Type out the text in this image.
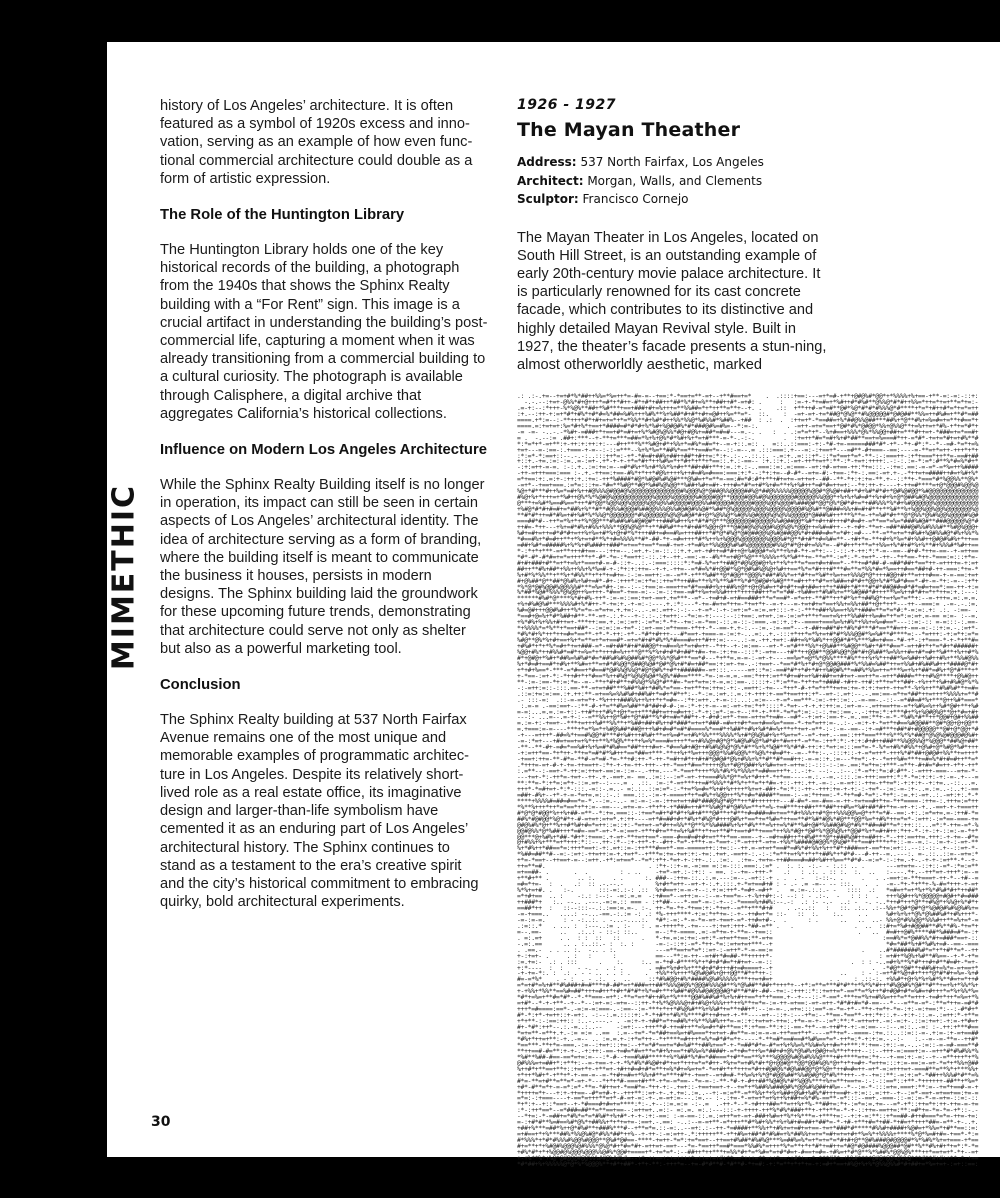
history of Los Angeles’ architecture. It is often featured as a symbol of 1920s excess and inno-vation, serving as an example of how even func-tional commercial architecture could double as a form of artistic expression.

The Role of the Huntington Library

The Huntington Library holds one of the key historical records of the building, a photograph from the 1940s that shows the Sphinx Realty building with a “For Rent” sign. This image is a crucial artifact in understanding the building’s post-commercial life, capturing a moment when it was already transitioning from a commercial building to a cultural curiosity. The photograph is available through Calisphere, a digital archive that aggregates California’s historical collections.

Influence on Modern Los Angeles Architecture

While the Sphinx Realty Building itself is no longer in operation, its impact can still be seen in certain aspects of Los Angeles’ architectural identity. The idea of architecture serving as a form of branding, where the building itself is meant to communicate the business it houses, persists in modern designs. The Sphinx building laid the groundwork for these upcoming future trends, demonstrating that architecture could serve not only as shelter but also as a powerful marketing tool.

Conclusion

The Sphinx Realty building at 537 North Fairfax Avenue remains one of the most unique and memorable examples of programmatic architec-ture in Los Angeles. Despite its relatively short-lived role as a real estate office, its imaginative design and larger-than-life symbolism have cemented it as an enduring part of Los Angeles’ architectural history. The Sphinx continues to stand as a testament to the era’s creative spirit and the city’s historical commitment to embracing quirky, bold architectural experiments.

MIMETHIC
30
1926 - 1927
The Mayan Theather
Address: 537 North Fairfax, Los Angeles
Architect: Morgan, Walls, and Clements
Sculptor: Francisco Cornejo
The Mayan Theater in Los Angeles, located on South Hill Street, is an outstanding example of early 20th-century movie palace architecture. It is particularly renowned for its cast concrete facade, which contributes to its distinctive and highly detailed Mayan Revival style. Built in 1927, the theater’s facade presents a stun-ning, almost otherworldly aesthetic, marked
.: .:-.+=--+=+#*%*##++%%=*%=++*=-#=-=--+==:*-*==+=**-=+--+**#==+=*    .  .::::+==:---=+*=#-+**+@#@%#*@@*+*%%%%+%+==-+**-=:-=:-::+:
-.-.--:+=+-@%%*#+@+++*=#*+*#++-#*+#*+##++*##*%*#+=%**+##++#*-=+#: .     :   :=-+-*+=#=+*%#++#*#%#**@%%@*#*#++%%=*++=*+=+**=*+=:-
.=-+:--:*+++-%*%@%**##+*%#***+==+###+#+=%+++=**%%##=*+*++**=**+--+. .    .::  +**++#-=*=#**@#*%@*#*#*#%%%@*#****+*=*+#++#*=*+=*=++
:+.--:++-+:=+*#*+#%*+#*#=%*##=%#%+++%#%**%+%##*#+#*+#+=@#++%=**=*-  ::.    :  -=+-=+-+=*##@*@%@**#%@@@@@#*@#@##**%%=++#%#=+**#*=##
====.+*:=--:-**+++*#*+#+=+=*+*=*%%**#+%#*#++%%*%%@*%#%%#*%##%--+##  : .:  .  :++=+*-*==##=+%*##@%%@##***##%+*@**#%+=%=#=+=**+#==*+
====.=:+=+=+:%=*#+%*+==+*####=#*#*#+%*%#+%@#@#%*#*###@#%=#%=--*:=-:.        . -=++-=+=*==+*@#*#%*@#@@*%%+@%%@**+=%++=+*#%-+*+=*#*+
-= -=- -..-.-*%#+-=###+*+==+#*=#+=+%*%#@%@%%*#@+#@%+=##*=#=#---=.-. .   :  . .:=*=*+*--%+#==+%%%*@%*%%@@+##+=***#++=+-*###=+=*==#+
= .  -.--:= .##+:***--+-**+=***=##=*%+%+@%*#*%#+%+*=+#***-=-*-.-:-.        .  :+=++*#=*=#+%+#*##**==+=%===#*++-=*#*-+=+=*#+=+#%**#
*:*=*+*-=+**:+-++:+:++:+:---#++***%**%#@+#*+%%+*=#%*=#=*+--=-+::.=:: .  =::..::===:-+:-*#-+=-=====###*#*-+*--*+-#*:*--*--=#-*=*+=%
+=+---=-:==-:.+===-+-=--:-::=***--%+%*%=**##%*==**+==#=*=--::-=--.= .:::===:.+---=:-:+==+*---=#**-#+===--==:----=-**=+*=++-+++*+*+
:*:=*-*:==+::--.-.-:..:::++*=:-+*-*#=#+##%+##++##*+#++=:*:+-.:-.-.::.:. -.=:+..=:::+*-::*=*==+*=*-**-:-:===++-:+*+===*++**=-==#+##
+::+.-+=.:=:-:=..=-:=+-.+*-+-+-+*=*#+*++%#%=*+*#+*+**+*==::.+.:-==-- :+.::+.:-=+-++*+=+*:**-:*-+=+:++++:.-:-:.:=-*:=*:#**%*#=%*#+*
-:+:=++-=-=. :-:.+..:=:+=:=--=#*#%+*%+#*%%*%+#+**##+##+**+:=.:+.:-..===::=:.=:===--=+:+#-=+==-++:*+=:::.-:+=:.==:-=-=*-=*%=++%####
-++-=+++===:=== :-.+.-++==:+==-#%*+*++*#@%++++%++#=#%=#===:===:+:*--:*+:+=--#-#*--=+=-#:-+==-:*+-:.==:-=+.+-.-*++=+=####++#=+%#+%*
=*+==:+:.=:+-:++:+.:+=:-++*%####*#@*%#@#%#%@#***@%#=+*=**=-==:#=*#:#*+**+#+=+=-=++=+--##--**-*+:+:+=-**.+--::**+-*===*#*%@@%%**@%*
-=+*--+==+===.:=*=:::+=-*#=**%#@**#@*%##%@%@@**%##+%#+=#+-+++#=*#*=+#*%+#=**+%+%#++*=#*#=++=+:--*+:++-+----+-++=#****=+@*@@@#%@@%@
%@+*#***#++%=*=#+%++#@%%%@#@@#@%@@@@@@@@@@@@@@#%@@@%@*@##@%%@@@@##%@*##@%%%%%@@@@@%@@#*@%@#+##+*#+%#*#*#+*@#%@#@@*%#@@@@@@@@@@@@@@
#%@+%+*+++=+*%#++@%*%*%@#@%@@@@@@@@@@@%@@@@%@@@@@@%#@@@#@@**@@@@#@@%#@%@@@@@@@#@@@@@%%@@@*+%+%+%#=#*+%+#+%+@*@##%#@%@@@@@@@@@@@@@@
@***+=%#*%==#%==*++*#*@@*%@@%@@%@@@@%@@%@%%#@@@@#@@@%%##@@@@#@@@@@#@@@%@@%@@@#%###@#*@@*@%*@#*#+=*+##%%%*%*#+%#@@@@@@%@@@@@@@@@@@@
+%#@*#*#+#=#+=*##%+%**#**#@%%#@@@#%##@@%%%@%%#@#@#%%@#*%##*@%@@@@@%@@@%@@@@%@@@@#%@%#**@###=%%+#=#+#**+**%#**%+%@@%@@%@@%@@@@@@@%@
**#*#*++=#*#%=+#+%#*%*%%@*@@@@@@@*#%@@@@@@%@%@%#@#*#+@*%@%%@*%#@%%@#@@@%@%@%%@@@@@*@###%#++***%**=-+*=%#*#+**@*@%%*@%#%@@%@@@@#%@#
===##*#--++*=*%+*+*%*@@***#%##%#%#@#@#*++###%#++%+*#*#*@***@@@@@@@#@@@@@%%#@##@@*%#*+#++#+++#*#=#+-=**==*=%=*###%#@#**###@@@@@%@*#
++#=-*++---+%+=#*#%+#%%+%%%**@@%@%@**+**##%#**+*#+##*%@@+@***@#@#@%@%@@#%@@%@%*@@@++=%#=#++--+-+#+-**=+-=##*###@#%%#%%%#**%#@%@@@+
%#+=#+=++=#*#*#+=++%+%=+#*%+@+#*%*+++##+=#==#%=+++##++*#*@*#%@*@#@##@@%@%#@##@@%*#+###=#=*=*#+:=#---**-=**=+=*+#%#+%@#%%#@*#%+%%*%
*#==#%+*#=#++**+*%+=+#**%*+#=%%%%**#*-##-*+-=#=+++*#*%++%+%@@@%@@@@@@@%@@@%#*@**#+#*+#=%#=**--+#+*=-**+#+%*%=*#+%%#++@#@#%#%+*++==
=##+%#*=#####%+%*%+#%###++###*=+==*+==**==#-+=+-+*=#%+*%%@@@%#%#%@@@@@@@#%%@*#*@+#+=%%*=--#*#++*+**=*+%%=+%*#+#*%+%**#+%%%#*%#++==
*-:*+*+***-=+**+++#+==---:++=--.:=+.+-:=-::.::+.+.=+-+#++=#*#++@+%#@@#*=%**+%+#-*+-=*+:--:-::-+-++:*:*-=--==--#+#-*++=-==--+-=++==
*#*-#*-#*#=+=*=+++**+*-#*-*=-:*==++:-::.:+--++.-==:-=--#%**=+#@*%@***%%%%+*%*%#**+=-**=**-:=*:-*-+=+*--++--*+*==-*++-*===:=:::+*=-
#+#+###+#**=+*+=%+*===+#-=-#-::+-..:.-:===:::::*:*=#-%*=+*+##@*#@%@@#@+%+*+%*+**=*==+#=+#==*--**+=#*##-#-=##*##+*==*++-=++++=-+:=+
##++**#%+##*+%%++%%+%*%=#-+-:*+:+:++=--+-+.-++=--=*#=%*#+@@#*%@*@#%#%@%@+%#++==*%*=*#+++#***#=**=*%%*#=*%==++#==*##+#-++-===:*+=-*
%+#*%*%%**+**%+*#%%**+*+*+=#+=-:-:=-==++:-=--=**-+***%##**@*#@@**@@@%*##*#%%*=+*#*+=*%#*+%=+=+%%%@*@*+++#@@+#+**=+++#==-+-=-==:+=+
#+@%##*@**##*@%#%+%#+=#*-#+-:+++*:=:+*=::++=**++##=**+%*%**%#**%*#*@#@#+%#@***=#++*+*#*=+%##=+#*#+*@@+%*#*%#*#==*-#+-=-*+:-=--:+*+
*%*@*@#%@@#%@@%%%#***=%=*#+-:=--:--:+==:=-===++=*#*==##+%++##%+@*+@+@%#=+*#+#*+=#+##=++*+*###+*#***#*#*##@##=#*#*=#=+==*:==-++-+:=
%*##*%@#*%%%*@%@@++%=+++-*#==*-+==-=:--:=-::+==-=#*+%=+=%%#+++*++++##++*=*=*##-+%##=+*#%#%+=**%#@##*#+++**%=%++#*#+=*+*++=:+.:---:
******#%#*@****%*#+#%-++*-:=-=::==:+=+-==+.+=***--=*--+=#+#-=+#==###+**=*==#*-=*=++-**#**++*#*%+*+##%@*+=+%=*=**+:--=-+++=.=:.=.=.
+%+#%#@%#***%%%%#+%*#++-*-+=:+.-+-=:-:---.+.:*:---*-+=-#=+=*++=-*+=+*+--=-+---=-+=+#+=*==+%%+=%%+##*+@+*++*---++--===:= .-=-.-.:=.
%#=@#+++@@#%#++*%*=*=-=*=+=.+.+=:-..-.=:.=++-:-:---+-=*-:-+-:=+:=*-=:=.=+:::-+-:-***+##+%%==+%%*+###=**=*=*#:*-=:=:.+: .:. -:==- .
*==#+@=%+*#*%##+#**-**-=+-.:.+---+-:.:-.:+=++:--*=:=-+:---:--::+==:.=+=+.:=-:=:=*+**+*==+=%++*%%##++%=#=*+*=*:=:=+.=-== =:=- :--=.
+%*#%+%+%%+#++=+-***++:==.+.:=::=+:-:=*=:*-*+--+=:-=-*==:-::.=-::-:===.-=::+.:+--====+===%=%+#%*+%%+=%=#==*---::=:-:: =-=:::-:.==-
*+%%%%*=*%**+*==+##*--:=:=::=-+=*-::=+-==:=*+===-+*++-*--==-+.+-:.--:=.-:=-==*---+-##+=##*#+*#%*#***#*==**#=++-==-=:-::+:=.-.:=+*-
*#%*#+%*++*++=#=*==**-+*-*-++:-+*--*#*+#+++---#*==+-+===-=-:=:+-...=:..+.-:::+*++*=*%+=+#*#*%%%@@#*%=%#**#****=:--*=+++:-+:=*+:=*=
%#@**@%*%+#+==+%+*=**=+*=+==#*-=+=*#+#*#%*%*#===#=++*#++:=:---..:-=.-++.+=+:-##+=%*%#%*++@@#*#*%***%#=+#==-*#-+*-:+*===-*-+-*+**#=
+#%#*+*+*%*=#+*+=+###-=*-=#+##*#+#*##@@*+=#==%+*=+#=++--*++--+-:=:==---=+-*-=*#***%%*+@%##**%#@@**%#+*#**#==*-=++#+*+*=*#+*######+
%@@+#%*++#%%#*=#*+=%=*+*+++#=%++**@**%*%+#+#*#+##*+#=-+=-:+:+=--:::*:-=+=---+#**++@@#**@@#%@@*@#*#+@%##*%=%%++#=+#*=#+*%#**+%++#*%
#*+@#@+*%#+*##%=%#%#*#=*##%#%#%@##%#*@@*%%*@%#***==*#---*+**=.=-=-:-=+-+----==%=*=@*%*@%%****#%**++%+%*++##*%=%##++%#++#%+**%%#@%%
%+*#=#+==#*+#%+**%#=+**=+#*#%@@*@##@%@#*@#*@%+#*#=+##*==:+:=+-+=-.-:+==+--*==*#*%+*#+@*@@#@###*%*%%#=%##*++=+%%#+#%##%#++*####@*#+
+*+#+%==*-***-=*#==+*#==#*@#%%@%%@*#@*@#%*+#*+######=-=+:::.-----=+::*=:-==#*#*+*#+*#++%#@#%**=##%*%%=++=***%=+%+*##*=#%+*@*#***+*
+-*==-:=+-*:-*++#+*+*#==*%++#%@*%@%@%@#*%@%*##==****-*=-:=-=.=.-==:*+++:=+**#+=#+=+%#+##+=+#+=+-==++*=-=++*####=**++#%@****+@%#@++
**-:=-:==-*+:=:*=--=--**+*#+#**+#%%@*%%@*#**#=-*=+*=+=:+-=.=::==-.::::+-:*:=**=-*+*+=*+####-+#++-++#:+**+=*+*##+-+%++*+%#+#%#@*%*%
-:-=++:=::-:::.==-**-=+=+##***%##*%#+*##%*=*==-+=+**+=:++=:-+:-.==++:-+=---*++*-#-+*=*+**+=+=:+=-+:+:+=++-++=**-%+%++**#%#%#**+=#=
.::=:+=:=:==.:+.++:**-=+==%=%%#%#+##%#+*=#+*#*+*:--*-:=.:=+.:.=.:+-+++:+-==*+==+++:+*--=+-:.=+:--.-.==:==-=*+=*##*++=+++*%%%%+=**#
.- :::-=:  .::-=-=+=*+-*%++++###%%++%++*+*=#=--:*+:=++..+-=-::...:.=:=---+-=*-==***-:=:-++::=:..-=-==-.-::--=*##=#*%+***@++%#*===*
:.=-= .-==:==+--:**-#-+*=**#%=%##**#*##+#-#-:=-:*-+:+-=--=:-=+-+=:*+*::::*-*=+--+-+.+:++:=.:=+-=--.=++==++=-=*+%#%=%++%#*@#+**+%#
=-=:...=.=.:=-+::-++#*++*#%*+@+*=++***##+=++=#=++:-*-+::=*-:=-+--:**-+-***-*=*=*:=:-:-:.+=::==.-.-:++=:*:+***#+*%+%@#@%@**@+*#=+#+
---:- ...=--.=-+-:--=**%%++@*%#+*@*##**%*#+=#=*##*+-+-#+#:=+*-+==-=++=*+=#=--=#*--+:=+-:==-+-.=..==:**+-=-*-*%#%*#**++*@@#+@#+%%##
=.:=-+:-+==+--***+=+++%#**%%**+*%##+##+#%++#*###*=+=+*###-=#=++#+*==+#==%=*===-*-+=*=++:=-..:-.-=:+-+-*=+*+#==%#@@##**@#*@@+@+@@**
=.+===:=-=----***+*=*%=*+%#@%##*##@+++%#+#=#*=#*#====%*==#*+%##*+#%+%#*#=%+**+*+=+-=**-:-:-=--==--:+-=#***+##*#+#@@@@@**@#+@*@@+*#
-+---=+++*-##=%*+==#%@@*#***#+%#+++#%#+**=+%=#*=+#%*%%***%%%%*%+#*@%@%#+%+*%=+=*--=*-+=+.--==::++*===***+%**%*%*##@*@%@%@#@@@#@%#+
-=-:*=+---+#=+==+=+%*++**%*%@%**+*+%=%*===#=+++**=+#%%@+#@*@*%#@%#%@*%#*#+*#=++*-=**=-:++*:*:-+:+:#+#++###**%%@@%%@*%@@@**##%@+##*
-**--**-#+-=#=*==%#+%+%=#*#%#==*##*+++#=+-*#==%#+#@++#%#%@%@*@%*#**%+%*%@#**%*#*#-++:+:*=+:=:::==*=-*-%*=+#%*#%%*+@%#+@*%#@*%#*+++
-+:=++*==-*+*++-**+=*=#*#*%#++*==*##=+***-**++%+*%=+++@@@*%%#%@@%**%@%*+#=#*+--=--**+:-.-:::+::-+-=*=++*-+++%*#*##+@#@#+%%**+=+++*
-+==+:++=-**-#*=-**#-=*=#-*=-**+#:++-*-++-*=#++#*++#+#*@#@#*@%+#%%+%**#**#*==#++:-=-=::+.:=---*+=*:-+--*=++%#=***+=#=%*#+#=#++**=*
.*+++=-=+-#-+-+=-++==++-:*+-+-+=-++-+++--++-*==+*#==*++++@%+*#@*@##+%+%#=+=+-=++=::-:::-:-:=-.==:*=*+=:+***-=**+-#+#=*#=++-+*+-++*
:.=**--:-==+-*-++:=:++=+-==:=-::=--.-++=.---*-*==+*+++*%%*#%*%*%%%+*=##==++*+.:.-:+- --:-..:--.:*-=*+:*=:#:#**-:-=+++-===---=+=-*-
---+=+-*:-++*=-+=+--++-.+.-==+.=- ==..:=::--:=*-=+-++===#%%*@**=%+*#++*-*+*==-----=.:.--=.-:::.:=-+++:==++:*:*-*=:+:+:-+:-=-.+---=
**:**=-*:+*=:=*+-::=.=+--:---.= . .::. :=-:*-=+***++=#*%%%**#*%*+**=*+*#=-+::-++:.++.-=-:.-=-=+::-++=-+*+=*:-+:+:+--+:+=..-::...=.
+++*-*=#+=+-*:*-:::.-=::-.=..- =:.:..::=:=*-:-*+=*%=#=*%+#+%++++*%+=+-##+-*=:*::-++--+++:+=-+-+:-:-+=*--:=:-=-:+-..=.:=..-:..+:-==
=##+-#%+--+*-+-=-*=+=.=:.:-.: ===.::.-:=-+-====+*+*=#%*+%@@++*%*+#=*####**===-:--=:*++==:-*-*+*=#-*=*:-*+*:-:=.+:-=+..:.-=+:+:.*-*
****+%%%%#=##=#==*=-*.--:=.-..- =:-=-:-=-:++=+=++##*###@%@*#@**++*#+++++++---#-#=*-==-#==-=-++-+=+==#+*+=-*+*====-:++=-:.+++=:=*++
*%**%+++*++*=*==*+*+:=--==---.=+=-=--+*+*+-+*###=++#**%%#@*#*@#%%=**+*=%-+=#***++##+***##*++#%=*%#+##*#+*+=-=+-+:-+..-==+-+-+===++
#*@*@*#@@*%++%+##-=**--*:+=.===::-:+==*=#+*#*#*+%#+#***@#**+*#**+#=###=#=+==**#+%%%++#*@++%%%@@%=@*+**=*#--==:-+:.:=*=+=.=-:++#-*=
##%*#@#@@*%@*#*+-#-=+=+:=+=*.+:++----=+*#=##+#+*#%+*#%@*#+++@#%+*==*+=*%#=*++==**#*%#*#@%*#@***@@*%=*+#%*++=*=*-:=++:-:=*==-===-+=
@#@%#%*@+**%++#*%#+#=*=++::=::+:-*=+=+-=*#++=%%**@**%*%%####%+%+*#%***=%++=%*#**%#+@#*%%##@#%@*#%**##=##**=*:++:::...=*:*-++=-=*-%
@@#@%%*@*%##+++*=#=-==*-=+-*-=:==+-+**+#+=**+=%+%#**+*+=+**#*+==+#**+===*++%%*#@+*@#*%*@@%@%+*@@#*%+*=#+#++:*++-*-:+-:+-::=:-=-*+*
@@***@+%#%+*##-*#+*:+===:.+-=+-**+=++==*-===-#==#=#+#+=+**+*==-===--+--=#+=##++*+#%#***@*+###%@#++=##++-*--++:==++=.+++:-+-+=--#*=
@+#%%+%+***=+*+++:*::--.++-:*--:+-++*-+--#++-*=*-+**+-=-*==+-:*-=+++*-=+=-+%%*%####@#@@%*@%@#**+*==#+***+*+::-=--=.:-.:=-+-:-=+-**
%+*#%++*##==*=:+++*==+:-+:.=+::=-:++***#==+*-==-=====++::+=::--++.=-=+=+*==#*=#%*#+%%+%++*#*+###==+-==*+=:=+::.--::-::-.+--::=+-*-
*%##=##**#--=:-:=+:-++=++:=-+.+=+*--+***=:+=-+=+:+:-+=:.+=+.-==++-:.-:-:*=**+=+%*+*+*+##%*+*#*#---#-++--=..---:. =-.::..::=--=+=:*
+*=-*==+--++==+-=--:=++.-+*:=+==*--*=*:+*+-*=+-+-:++-.:..:=:. .:+=-.+=+=-++##===#=##+%#++%==**#*#--=:=*-:-:+=.-+-.-+-+-:=+**-*--+-
++=**=#.                             . :*+-::+-=.-=:== =::=-:::.===:.:=* .  :. :. -:.- - :.:: .. .      ---=+=+=--::+::-=*-:*=:=**
=+==##- .       .  .         : . ..    -+=*-=+.:-:+:: - ==. :--+=--+++-*   .:   : .:. . :: :.  :.  ..   :----.*+.--++*=+-+++*:=--=
+**#+** .        .. :.     . .      :. ###--:++=-::..:.=.---:=--.-=+::-+ . .  . -   :-::-. .     .   . .-==+:=-**+===+-++-*--+#--=
=#=*+=-  :  .   .:  :: .-.--.-    .    %+#+*=++--=+-+-:.+.:::.+-*=+==#+# : - .- .= -=-- -- :::.   .  .  -=--*+-*+**+-%-#=*+++-+-=+
%*%+=+#. .   :-.       :::-=:.:-: .::  %+#==+:=-=-+--:.+:=:++*-*=#+-=#+* .   =.:=-.:.:.- -   ::::  .:   *=#=+*=+*%+*%*#%#*#+*++##*
=*+#+==  .. :    -:.: :--:- -=:.=.=  -:+#==*--=++:=--:--=-+==*=--+-%++#+:-: --: : - .:-.  -   : : :  .  +++%@#++%*@@@@@+#@#+*#=###
++###*+   :.. --.. .---.-=:=.:: === - :+*##----*-==*-=-:-+--:-*====%+##%:--.-:  .: :- -.-  ..: -  -. -..*++#*++*@**+#%@*+%%@+%*#*+
==##*++  :   ::--:::--.:.:==:=.=-. :-. ++-*=-*+-*+==:+:-*+=+--=**+***#+#    . .-..::   :   ::. .:.. .:--%%+*@#*@#*@*%@#@#%#%@%#%+=
-=-+===..   ....: --...-==.-:.:= -: .: *%-+++****-+:=:*+*+=-:-+--++#=+*= ::-   ::  :.    :..    . .     %#+%+%+*@%*@%##%#*+#%+++*-
-=-:=-=.     : - -:..:. . -...-....:.  *#*:-=:-*-=-*=-=+-+==+-=*-++#=+#-.  .      : .      ..   ..  ..- %%+@*#%%@@*%%%#++**=%+=*-=
.:=::.*   . ... :  :---..:= . :-   : . =-++++*+.-+=----+:+=+:+++-*##-=** .   .                 .  ..  ::#+=*%#+#@@##**#%**#%-*+=*+
=--.==-     ..   .:..: - ::-: ::..     =--:*+-====..=:-=*+=-+-**=--+==::                        .   ..  #=#++@#%****##*%###=#*=-:+
. =:.=+     . .  : :  ::   ::      .   *-+=.=:=:+=:-=+:*-=+=+*+==:**-=+=                               :==#%*=*@##%%*#+=###*==+-::
-.=:.==      .. . :..::.- :  :. :      -=-:-::+:-=*-*++-*=::=+=+=+***--+                                *#=*##*%+#*%#%+=#--==--===
. .==.-  . . .. :.  -.. . :.           ---=**==+=*=*::=+-:-=++*-*-=-==:=                         .    ..#*#######%#*=*+*+#**=*--++
+-:+=+- .     . :   :      :           ==---**:=-++--=+#+*#=##-**+++++*-                              : =+#+*%@%+%#**#%==--+-*-+*=
:=.+=:-  .: . :::      .    :.     :.. =-*+#-#****%*+*#+#*#=*+#+=+--=-::                      .  : : -..=#+%**%*#*++#+#**#=#+-*=+-
+:*----  :  :    - -. .  . : .       . =#=*%+#+%+***#+#*#+++#+=#====+--+                            .  -*#@**@#**+##%#+=%*=-=+==+*
-+-+=-*:. :  .: . - - .. . . : .    .  +%%*+%+++*%@%#@#%+@++@@**#*+*++-:                   ..    : - :-=+*#*%@+#+*++*@*#*#+=%=-%+#
#=-=*%*    . - :  . - .:.  .  ..     ::*#%#@@+#%*####%@%#%%%%%***++=+#=+                . .    : .::-:. +%%#*+@+%*%+%#*%**#=+=*++#
=*=+#*=%+#**#%###+#=#***+#-##*=+*###=++##*%%%@#@%*@@@#%%%@#**%*@%##**##+*+++*+--+*:=**=***#*#**+*%*%*#++*#%@@#%*@#**#**+=+%+*%%*%+
+-+%%+*%%**==%#=##*+++=#++*+#+*#*#*+%*=#+**+%##*#@%%#@#@@@#@*#**#*#+-##--+=:-:+++::*::+=++=*-==**=*%++*#+#@#+#*=%#=+#+++*=*%+%%*%=
*#*+=%=+**#=*#*--*-**===-=+*:-**=*=+*#++#%+*%****@@#%##%#*%+%+#++==*+*+*===.+--+---::-*-==*-***+=*%+=#%%=++*=**=+++-+=#+*++*=%=+*%
=+#*--*-+-+**--+--*--:=+-=:-=+=--::++-*+%*%@%%%@+#+#%@+%%%++*++%**+=*=-:=-++-=+==:-=+-=++-*#*#+#=*#-==---*---=**=-=*-:**=*++=-=#*#
+++*=#====:==*-.-=:=-=:===-.-:==--:=-***+*++*#%@%#**%+%%#*+=**+##+*:--:=-=-..=+=::::==*-=-*=-+*--**+-+=*+-*=-:+:-=:+==:*:--:-#*#+*
#*-*:+*-+=++::+-=+:. -:--:.=.::::+:-*-*+#*+*#%*%****#*++#+=+-+-**----=+--::+-:---+*=:--**==-*==**-++:*+::.+--+:+-::.=-.:=++:*-+**=
+*+**-:-:==:++:: :..-.---.- . -=:+-+-+##*=*+=##%*+%**%%#%++*=-=::+:+=+=+-++=:.+*=-=-+--:=*:**:*-=++=++.-=:-=:+-.::=:+=+:-+:=-+*#=+
#+-*#*:++*--.:.-=..:..--    -:=+:---+++**#-++=#++**=%=#+*#+**==:*:+*==-**:+::-==-*+*--=-++#*+-+:-=:==---:--.=::..-=: :-.++:+***#==
*=+=**-=**+.+.-:= =:= ..==  :.=--+=*-*=*##+==%=+#%===*+=+=+-#=**=-=:=-=-=-++*==+*+*----=**+=*--====-:+=.::..::=::-=-.+:=-:+-=+==##
*#%+*++=+**:-+..-=-- .. :=.=.+-:+*=*++--*+****=#+++*=%*=#*#*=*+-----*-**=#*==#==#*%#%==*=*-++*=:*-+:+:=.-.-:-   :.--=--=-**=--++#*
*==***-**+*=-===.-:=--:+=+:::+=:--+*=*#*==+=*#=%#**+##%+==*-+-*=##*#*=-#*=+%+%%=%*%%#=%++#=*+***:*:+==-:+::-=.-..-:=::-=-=#-===**#
**++==#-#=**:+-+-.-+:++:-==-+=#=*#=+**=*#+%+==*+#%%=%*####+-=*+#=*++%=*##+#+@%*@%#%+@#@+=%**+*+++--::--+++-=:===+:=--=++*#*#%#%%*%
*%#**%##-#==-==*=+=:=---:*-#--+==#%##*****+%*%##*%*#=*##===*+#**==**%***%@@@@%#@%#%%%@***+#+****=+=:*+---+-==:+:-=:--+--=**+++*+*%
@#%%%=+=##+*:+**+:--=-+==-+-+-*%*#%*#%@#+#*+=+*+++=*=*#++-*%+=*=+#%*#+*@+@@#@**@@*@@#%@%*@+*+*+=#+-*=++=:::+:=-==:=-=+-*=*+*%%+@##
%++#*+**==+**+::+=+*+-+**=+-+#++#=#+#*=**+=%*#+=%=+=*-*=+#+*+*+++=*#++#@#@%*#@%##@@*@*%@+*++#=#=++-=+*-=:=+++=+-===#**=**%*+***%%+
+*++*%#+*-+**+*-+-==-=--=-*+#+=#=+*%%+#**=***+#*+-+==+--=+#=#-*+%=%+%*@*#@@%##*%%#@#@*@*#%**+++--+--+=::**:-=:+:=*-*##++%%%#*#**=%
#*=-**=+#**=**=*-=+-*---*+*+*#-===+#+**-+*=-=*==--*=-=-:-**-*#-+-#++##*%@#@%*#*%@@%***+%+=**+==+=-:-:-::==*::+**-*++++++-##**+*%=*
+#*-#**=*+-=-=*:=*-**=-*#++=+-*==#*=-*++-+:-.+=+::-+==+==+-+--+=*+*%##%%###@#%*@@%#%@##+#%=--*--:=-*-:::=+=.===+:**:=--+=*+==#-=-+
*++++=*+---+:+-++==--#*=+#-+--+++**::=+-+-.+.+=:.:=..--+:-=:=**-=**%%+*+%+%##+@%#+%#%*#+++==#+-+:=::.=:++--+--:=*-==+-=+==+==:+=-=
=*=:-:+===----+-==*=+++**=+*-#-=+-=:-+-.=-=+:=---.:=.-- :-.:+=-*-=+=+*=+%++%+##+=%*#%-==**-=*:::--==+.-===-::-=::=-*-=-=+=-::=:-::
*+*:+--+::*==+--+-*#===#+#=+=****:*:-.+--::=.=:= -:-.=  .-++-*--*-+#+++##=**=++%+*%-**##+=:*+-:=*=:=.+=---=*-+*::++=*+:++-++=-=-+=
:*-:++*==*--=*###=##**=**==+==--:=++=+..=::- =:.=. =:.:---:::-+-++++-++*%*#%*###+**+-+*+**=-*-+-::++=-==++=:**:=#*+=-*=-*=-+*::-.-
--*+=:-*-=##+=*#%*=*=*#%#*+%+#*-+-+-:+:-==: :-=-==-::.=.:=++*=+-=+-###+%#=+*%*+%***=-+***+=:--+:+-=:**::+*==##-#++#===*=*=-++=-+=:
=-:+#*#**%=#==%#*@%*+##%%+*+*+=+=-:==+.-.==: -..:--=-=+**-=*+++**#*%#+%%*+%+%#+#=##+*##*=-*-+#-+**+#=*+##-*+#=+*+++*##=-=**-+-..+.
+##+%***=##*%++@*#%#**+###%***#--+**=*=.::-=:..--=+:.:--++-*=####+**%%+*+#%+=+=#+=+==-+=+*###*#*****#%%#+####+%@#=+*%%=*+#**==::=:
=+#==+*+%***##%*%%@%#@*#%%*##*++%--+-++-:-=:=++-.*:+++++**-+*+#%=+##*#*#%#=+%*##%%+=+=*=#+=+=+#+*%=%*+%%%%+****%*@*%=#+#=-+==*-*:=
#*%%%*+*#*#%%%#%@@%#@@@**@%#*@#==-****-+=++-*=*:+=*==+--++==+#%##*#%#%@***%=##%=%*=+*=+=*=*#+#+@**@#%###@#@@@@#*%*%#%*%+=+===-+*==
#+=**+*+%#@#%@@@%@#%%%*@%@*#+*#=*#+-=++=+-==+---*=-*==++*==#*===*%%#%*=+++*%*=**+*+*#*+=#++=*#@*#@####%@@@##*@#**%**#%+#+*+=*:*-*=
+#%*#*+*+%@@#@%@@@%@@@%%@#%*@@#+====+*-+=*=*-:--##++*++***+=%%*#+*=*%#=*=+#*#=+-#==+=#=-+#%=+*#*@**%*%##%*@@%@%***++*==+=+*-*+--=+
+-+%**%*+%@*@#@@@#@@%%%##@%##%#=--+*-++==+:+=++++*=++=+=+#+**==*+++=**=++*==:+#*+=-*-***##*=+%%#****@#@*@@%@%%@***#**#+#++**-*-+==
*#*##+%+%%%%%@*@*%*%@@@%**+#*+##*-+*+-**:-+++*=--+=-#*#**#-*#**#-*+=#:-+:*=**+*+*+=-+:=#+*==+#%@+%+%*@%%@%%#*#+##+=*%=+=+-:=+::==:
